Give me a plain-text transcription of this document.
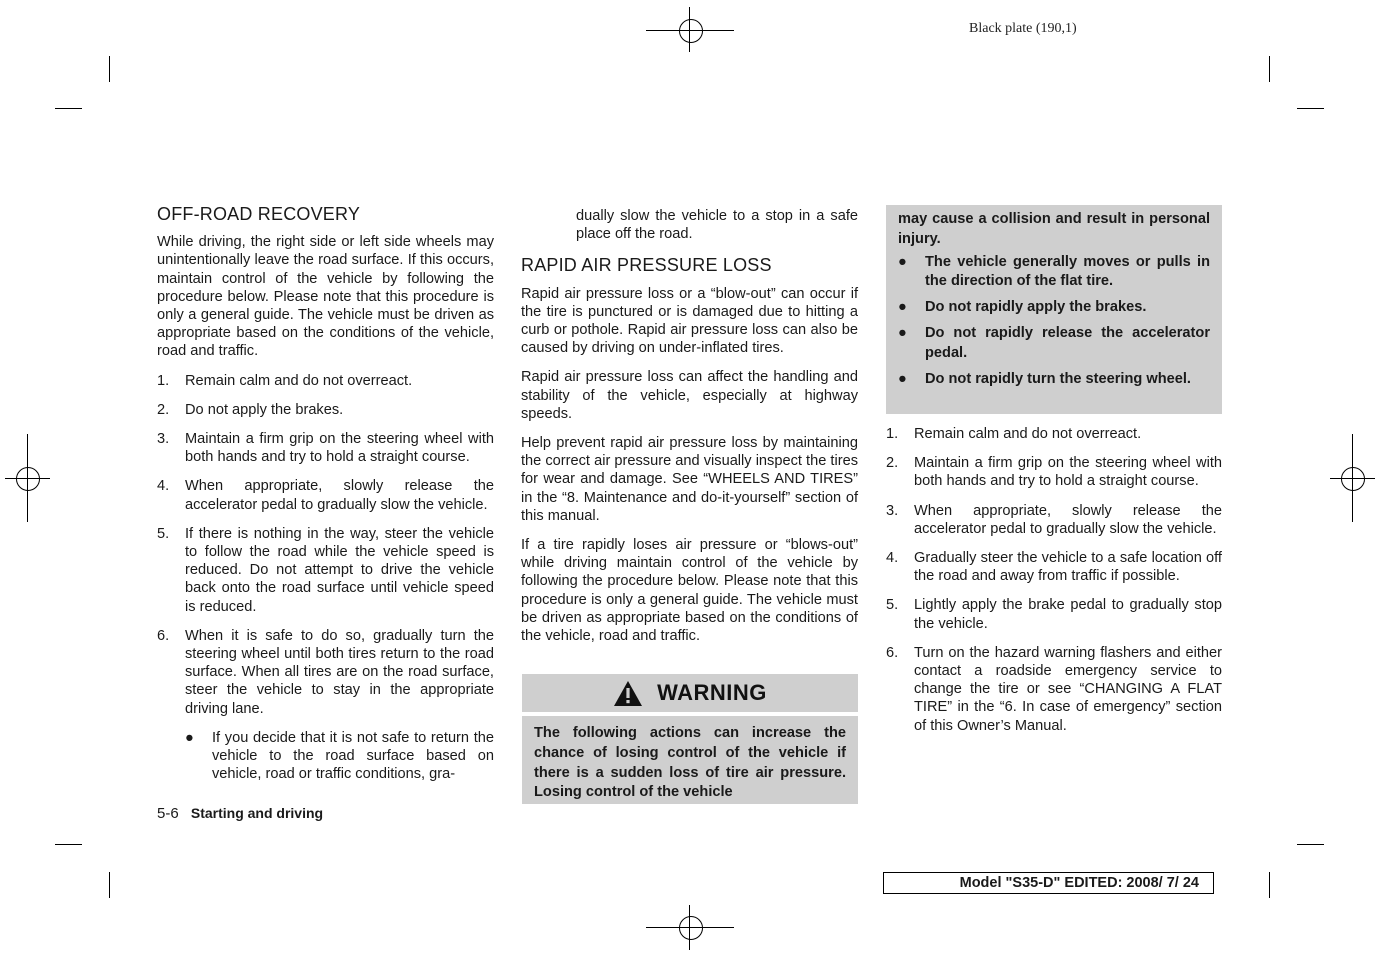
Black plate (190,1)
OFF-ROAD RECOVERY

While driving, the right side or left side wheels may unintentionally leave the road surface. If this occurs, maintain control of the vehicle by following the procedure below. Please note that this procedure is only a general guide. The vehicle must be driven as appropriate based on the conditions of the vehicle, road and traffic.

1. Remain calm and do not overreact.
2. Do not apply the brakes.
3. Maintain a firm grip on the steering wheel with both hands and try to hold a straight course.
4. When appropriate, slowly release the accelerator pedal to gradually slow the vehicle.
5. If there is nothing in the way, steer the vehicle to follow the road while the vehicle speed is reduced. Do not attempt to drive the vehicle back onto the road surface until vehicle speed is reduced.
6. When it is safe to do so, gradually turn the steering wheel until both tires return to the road surface. When all tires are on the road surface, steer the vehicle to stay in the appropriate driving lane.
● If you decide that it is not safe to return the vehicle to the road surface based on vehicle, road or traffic conditions, gra-

dually slow the vehicle to a stop in a safe place off the road.

RAPID AIR PRESSURE LOSS

Rapid air pressure loss or a “blow-out” can occur if the tire is punctured or is damaged due to hitting a curb or pothole. Rapid air pressure loss can also be caused by driving on under-inflated tires.

Rapid air pressure loss can affect the handling and stability of the vehicle, especially at highway speeds.

Help prevent rapid air pressure loss by maintaining the correct air pressure and visually inspect the tires for wear and damage. See “WHEELS AND TIRES” in the “8. Maintenance and do-it-yourself” section of this manual.

If a tire rapidly loses air pressure or “blows-out” while driving maintain control of the vehicle by following the procedure below. Please note that this procedure is only a general guide. The vehicle must be driven as appropriate based on the conditions of the vehicle, road and traffic.

WARNING
The following actions can increase the chance of losing control of the vehicle if there is a sudden loss of tire air pressure. Losing control of the vehicle

may cause a collision and result in personal injury.

● The vehicle generally moves or pulls in the direction of the flat tire.
● Do not rapidly apply the brakes.
● Do not rapidly release the accelerator pedal.
● Do not rapidly turn the steering wheel.
1. Remain calm and do not overreact.
2. Maintain a firm grip on the steering wheel with both hands and try to hold a straight course.
3. When appropriate, slowly release the accelerator pedal to gradually slow the vehicle.
4. Gradually steer the vehicle to a safe location off the road and away from traffic if possible.
5. Lightly apply the brake pedal to gradually stop the vehicle.
6. Turn on the hazard warning flashers and either contact a roadside emergency service to change the tire or see “CHANGING A FLAT TIRE” in the “6. In case of emergency” section of this Owner’s Manual.
5-6 Starting and driving
Model "S35-D" EDITED: 2008/ 7/ 24
